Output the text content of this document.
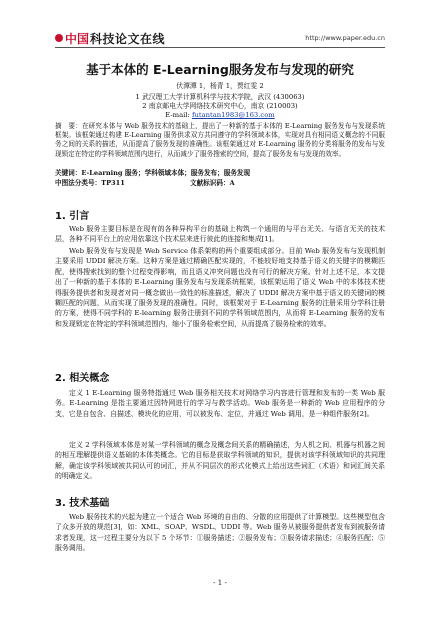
中国 科技论文在线	http://www.paper.edu.cn
基于本体的 E-Learning服务发布与发现的研究
伏潭潭 1，杨青 1，贾红雯 2
1 武汉理工大学计算机科学与技术学院，武汉 (430063)
2 南京邮电大学网络技术研究中心，南京 (210003)
E-mail: futantan1983@163.com
摘　要：在研究本体与 Web 服务技术的基础上，提出了一种新的基于本体的 E-Learning 服务发布与发现系统框架。该框架通过构建 E-Learning 服务供求双方共同遵守的学科领域本体，实现对具有相同语义概念的不同服务之间的关系的描述，从而提高了服务发现的准确性。该框架通过对 E-Learning 服务的分类将服务的发布与发现锁定在特定的学科领域范围内进行，从而减少了服务搜索的空间，提高了服务发布与发现的效率。
关键词：E-Learning 服务；学科领域本体；服务发布；服务发现
中图法分类号：TP311	文献标识码：A
1. 引言
Web 服务主要目标是在现有的各种异构平台的基础上构筑一个通用的与平台无关、与语言无关的技术层，各种不同平台上的应用依靠这个技术层来进行彼此的连接和集成[1]。
Web 服务发布与发现是 Web Service 体系架构的两个重要组成部分。目前 Web 服务发布与发现机制主要采用 UDDI 解决方案。这种方案是通过精确匹配实现的，不能较好地支持基于语义的关键字的模糊匹配，使得搜索找到的整个过程变得影响，而且语义冲突问题也没有可行的解决方案。针对上述不足，本文提出了一种新的基于本体的 E-Learning 服务发布与发现系统框架，该框架运用了语义 Web 中的本体技术使得服务提供者和发现者对同一概念做出一致性的标准描述，解决了 UDDI 解决方案中基于语义的关键词的模糊匹配的问题，从而实现了服务发现的准确性。同时，该框架对于 E-Learning 服务的注册采用分学科注册的方案，使得不同学科的 E-learning 服务注册到不同的学科领域范围内，从而将 E-Learning 服务的发布和发现锁定在特定的学科领域范围内，缩小了服务检索空间，从而提高了服务检索的效率。
2. 相关概念
定义 1 E-Learning 服务特指通过 Web 服务相关技术对网络学习内容进行管理和发布的一类 Web 服务。E-Learning 是指主要通过因特网进行的学习与教学活动。Web 服务是一种新的 Web 应用程序的分支，它是自包含、自描述、模块化的应用，可以被发布、定位，并通过 Web 调用，是一种组件服务[2]。
定义 2 学科领域本体是对某一学科领域的概念及概念间关系的精确描述，为人机之间、机器与机器之间的相互理解提供语义基础的本体类概念。它的目标是获取学科领域的知识，提供对该学科领域知识的共同理解，确定该学科领域被共同认可的词汇，并从不同层次的形式化模式上给出这些词汇（术语）和词汇间关系的明确定义。
3. 技术基础
Web 服务技术的兴起为建立一个适合 Web 环境的自由的、分散的应用提供了计算模型。这些模型包含了众多开放的规范[3]，如：XML、SOAP、WSDL、UDDI 等。Web 服务从被服务提供者发布到被服务请求者发现，这一过程主要分为以下 5 个环节：①服务描述；②服务发布；③服务请求描述；④服务匹配；⑤服务调用。
- 1 -
